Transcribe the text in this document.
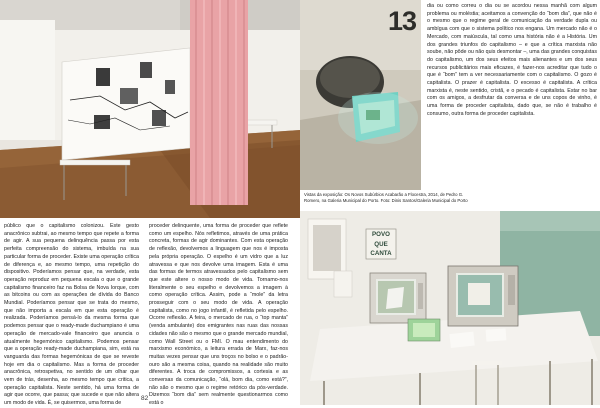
13
POVO QUE CANTA

Vistas da exposição: Os Novos Subúrbios Acabarão a Flocestra, 2014, de Pedro G. Romero, na Galeria Municipal do Porto. Foto: Dinis Santos/Galeria Municipal do Porto

público que o capitalismo colonizou. Este gesto anacrônico subtrai, ao mesmo tempo que repete a forma de agir. A sua pequena delinquência passa por esta perfeita compreensão do sistema, imbuída na sua particular forma de proceder. Existe uma operação crítica de diferença e, ao mesmo tempo, uma repetição do dispositivo. Poderíamos pensar que, na verdade, esta operação reproduz em pequena escala o que o grande capitalismo financeiro faz na Bolsa de Nova Iorque, com as bitcoins ou com as operações de dívida do Banco Mundial. Poderíamos pensar que se trata do mesmo, que não importa a escala em que esta operação é realizada. Poderíamos pensá-lo da mesma forma que podemos pensar que o ready-made duchampiano é uma operação de mercado-vale financeiro que anuncia o atualmente hegemónico capitalismo. Podemos pensar que a operação ready-made duchampiana, sim, está na vanguarda das formas hegemónicas de que se reveste hoje em dia o capitalismo. Mas a forma de proceder anacrônica, retrospetiva, no sentido de um olhar que vem de trás, desenha, ao mesmo tempo que critica, a operação capitalista. Neste sentido, há uma forma de agir que ocorre, que passa; que sucede e que não altera um modo de vida. É, se quisermos, uma forma de

proceder delinquente, uma forma de proceder que reflete como um espelho. Nós refletimos, através de uma prática concreta, formas de agir dominantes. Com esta operação de reflexão, devolvemos a linguagem que nos é imposta pela própria operação. O espelho é um vidro que a luz atravessa e que nos devolve uma imagem. Esta é uma das formas de termos atravessados pelo capitalismo sem que este altere o nosso modo de vida. Tornamo-nos literalmente o seu espelho e devolvemos a imagem à como operação crítica. Assim, pode a “mole” da letra prosseguir com o seu modo de vida. A operação capitalista, como no jogo infantil, é refletida pelo espelho. Ocorre reflexão. A feira, o mercado de rua, o “top manta” (venda ambulante) dos emigrantes nas ruas das nossas cidades não são o mesmo que o grande mercado mundial, como Wall Street ou o FMI. O mau entendimento do marxismo económico, a leitura errada de Marx, faz-nos muitas vezes pensar que uns troços no bolso e o padrão-ouro são a mesma coisa, quando na realidade são muito diferentes. A troca de compromissos, a cortesia e as conversas da comunicação, “olá, bom dia, como está?”, não são o mesmo que o regime retórico da pós-verdade. Dizemos “bom dia” sem realmente questionarmos como está o

dia ou como correu o dia ou se acordou nessa manhã com algum problema ou moléstia; aceitamos a convenção do “bom dia”, que não é o mesmo que o regime geral de comunicação da verdade dupla ou ambígua com que o sistema político nos engana. Um mercado não é o Mercado, com maiúscula, tal como uma história não é a História. Um dos grandes triunfos do capitalismo – e que a crítica marxista não soube, não pôde ou não quis desmontar –, uma das grandes conquistas do capitalismo, um dos seus efeitos mais alienantes e um dos seus recursos publicitários mais eficazes, é fazer-nos acreditar que tudo o que é “bom” tem a ver necessariamente com o capitalismo. O gozo é capitalista. O prazer é capitalista. O excesso é capitalista. A crítica marxista é, neste sentido, cristã, e o pecado é capitalista. Estar no bar com os amigos, a desfrutar da conversa e de uns copos de vinho, é uma forma de proceder capitalista, dado que, se não é trabalho é consumo, outra forma de proceder capitalista.

82
